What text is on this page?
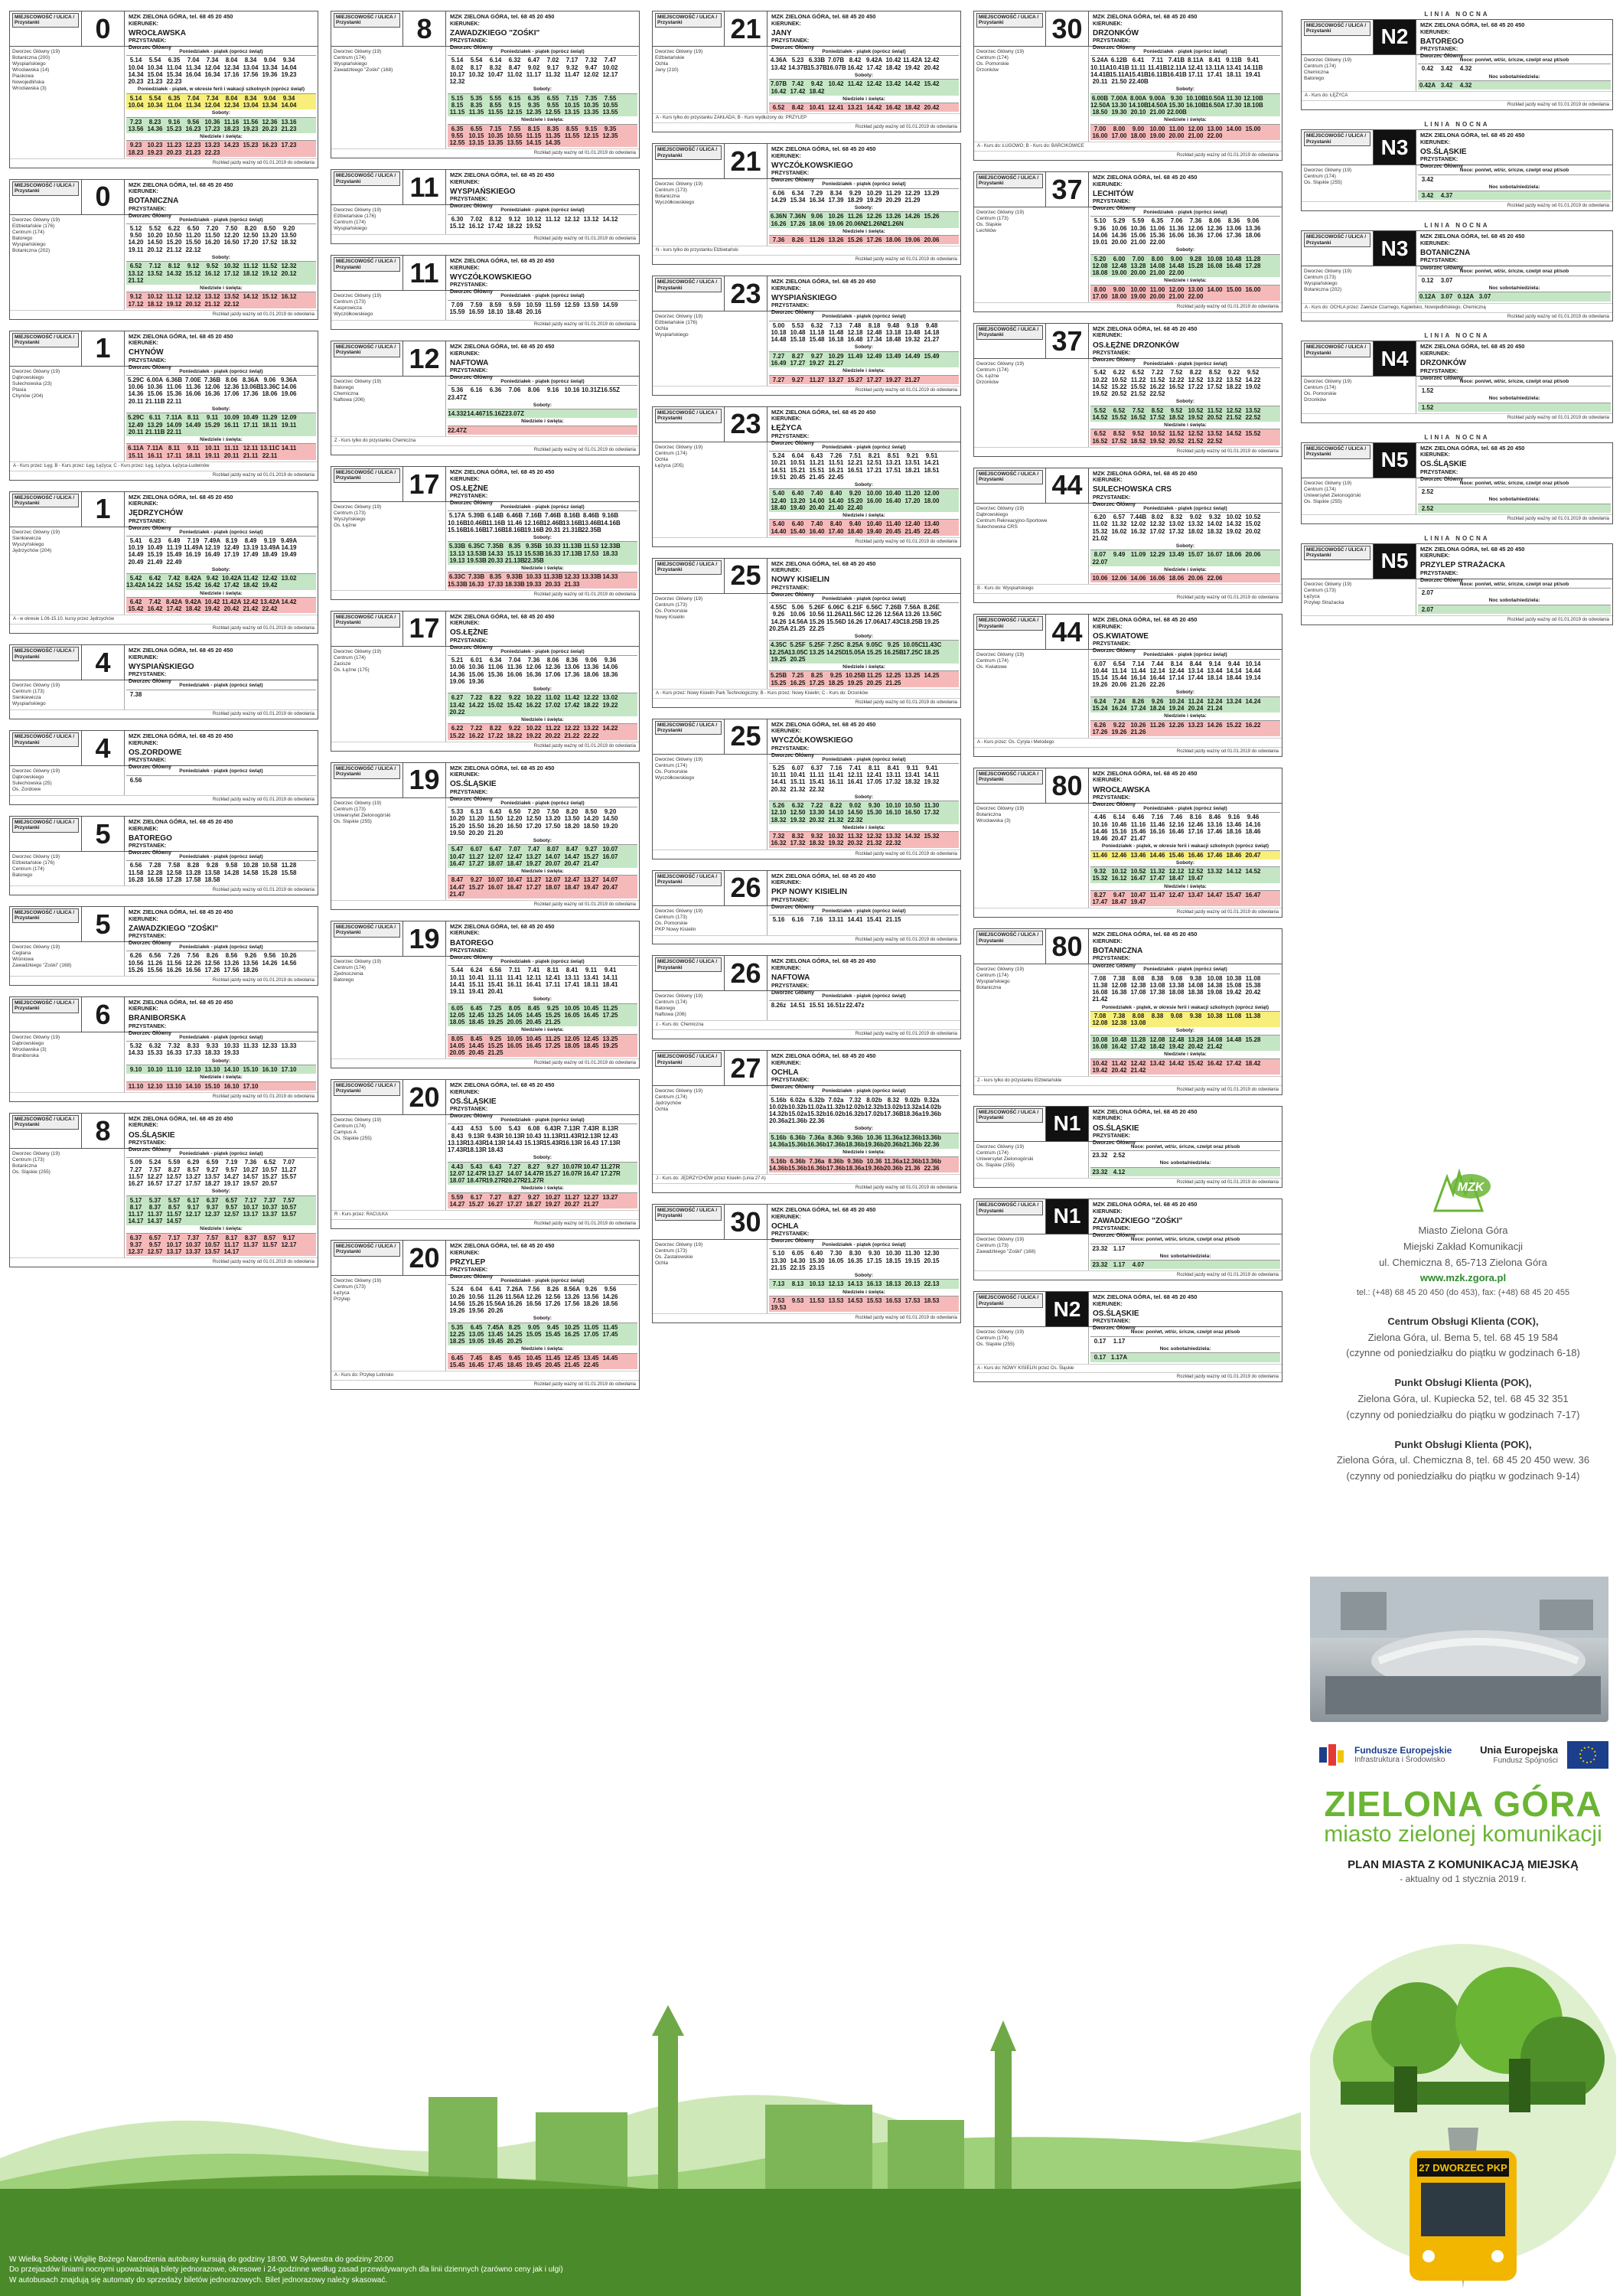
MIEJSCOWOŚĆ / ULICA / Przystanki	0	MZK ZIELONA GÓRA, tel. 68 45 20 450
KIERUNEK:
WROCŁAWSKA
PRZYSTANEK:
Dworzec Główny
Dworzec Główny (19)
Botaniczna (200)
Wyspiańskiego
Wrocławska (14)
Piaskowa
Nowojedlińska
Wrocławska (3)
Poniedziałek - piątek (oprócz świąt)
5.14	5.54	6.35	7.04	7.34	8.04	8.34	9.04	9.34
10.04 10.34 11.04 11.34 12.04 12.34 13.04 13.34 14.04
14.34 15.04 15.34 16.04 16.34 17.16 17.56 19.36 19.23
20.23 21.23 22.23
Poniedziałek - piątek, w okresie ferii i wakacji szkolnych (oprócz świąt)
5.14	5.54	6.35	7.04	7.34	8.04	8.34	9.04	9.34
10.04 10.34 11.04 11.34 12.04 12.34 13.04 13.34 14.04
Soboty:
7.23	8.23	9.16	9.56 10.36 11.16 11.56 12.36 13.16
13.56 14.36 15.23 16.23 17.23 18.23 19.23 20.23 21.23
Niedziele i święta:
9.23 10.23 11.23 12.23 13.23 14.23 15.23 16.23 17.23
18.23 19.23 20.23 21.23 22.23
Rozkład jazdy ważny od 01.01.2019 do odwołania
MIEJSCOWOŚĆ / ULICA / Przystanki	0	MZK ZIELONA GÓRA, tel. 68 45 20 450
KIERUNEK:
BOTANICZNA
PRZYSTANEK:
Dworzec Główny
Dworzec Główny (19)
Elżbietańskie (176)
Centrum (174)
Batorego
Wyspiańskiego
Botaniczna (202)
Poniedziałek - piątek (oprócz świąt)
5.12	5.52	6.22	6.50	7.20	7.50	8.20	8.50	9.20
9.50 10.20 10.50 11.20 11.50 12.20 12.50 13.20 13.50
14.20 14.50 15.20 15.50 16.20 16.50 17.20 17.52 18.32
19.11 20.12 21.12 22.12
Soboty:
6.52	7.12	8.12	9.12	9.52 10.32 11.12 11.52 12.32
13.12 13.52 14.32 15.12 16.12 17.12 18.12 19.12 20.12
21.12
Niedziele i święta:
9.12 10.12 11.12 12.12 13.12 13.52 14.12 15.12 16.12
17.12 18.12 19.12 20.12 21.12 22.12
Rozkład jazdy ważny od 01.01.2019 do odwołania
MIEJSCOWOŚĆ / ULICA / Przystanki	1	MZK ZIELONA GÓRA, tel. 68 45 20 450
KIERUNEK:
CHYNÓW
PRZYSTANEK:
Dworzec Główny
Dworzec Główny (19)
Dąbrowskiego
Sulechowska (23)
Ptasia
Chynów (204)
Poniedziałek - piątek (oprócz świąt)
5.29C 6.00A 6.36B 7.00E 7.36B 8.06 8.36A 9.06 9.36A
10.06 10.36 11.06 11.36 12.06 12.36 13.06B 13.36C 14.06
14.36 15.06 15.36 16.06 16.36 17.06 17.36 18.06 19.06
20.11 21.11B 22.11
Soboty:
5.29C 6.11 7.11A 8.11	9.11 10.09 10.49 11.29 12.09
12.49 13.29 14.09 14.49 15.29 16.11 17.11 18.11 19.11
20.11 21.11B 22.11
Niedziele i święta:
6.11A 7.11A 8.11	9.11 10.11 11.11 12.11 13.11C 14.11
15.11 16.11 17.11 18.11 19.11 20.11 21.11 22.11
A - Kurs przez: Łęg; B - Kurs przez: Łęg, Łężyca; C - Kurs przez: Łęg, Łężyca, Łężyca-Ludwinów
Rozkład jazdy ważny od 01.01.2019 do odwołania
MIEJSCOWOŚĆ / ULICA / Przystanki	1	MZK ZIELONA GÓRA, tel. 68 45 20 450
KIERUNEK:
JĘDRZYCHÓW
PRZYSTANEK:
Dworzec Główny
Dworzec Główny (19)
Sienkiewicza
Wyszyńskiego
Jędrzychów (204)
Poniedziałek - piątek (oprócz świąt)
5.41	6.23	6.49	7.19 7.49A 8.19	8.49	9.19 9.49A
10.19 10.49 11.19 11.49A 12.19 12.49 13.19 13.49A 14.19
14.49 15.19 15.49 16.19 16.49 17.19 17.49 18.49 19.49
20.49 21.49 22.49
Soboty:
5.42	6.42	7.42 8.42A 9.42 10.42A 11.42 12.42 13.02
13.42A 14.22 14.52 15.42 16.42 17.42 18.42 19.42
Niedziele i święta:
6.42	7.42 8.42A 9.42A 10.42 11.42A 12.42 13.42A 14.42
15.42 16.42 17.42 18.42 19.42 20.42 21.42 22.42
A - w okresie 1.06-15.10. kursy przez Jędrzychów
Rozkład jazdy ważny od 01.01.2019 do odwołania
MIEJSCOWOŚĆ / ULICA / Przystanki	4	MZK ZIELONA GÓRA, tel. 68 45 20 450
KIERUNEK:
WYSPIAŃSKIEGO
PRZYSTANEK:
Dworzec Główny
Dworzec Główny (19)
Centrum (173)
Sienkiewicza
Wyspiańskiego
Poniedziałek - piątek (oprócz świąt)
7.38
Rozkład jazdy ważny od 01.01.2019 do odwołania
MIEJSCOWOŚĆ / ULICA / Przystanki	4	MZK ZIELONA GÓRA, tel. 68 45 20 450
KIERUNEK:
OS.ZORDOWE
PRZYSTANEK:
Dworzec Główny
Dworzec Główny (19)
Dąbrowskiego
Sulechowska (25)
Os. Zordowe
Poniedziałek - piątek (oprócz świąt)
6.56
Rozkład jazdy ważny od 01.01.2019 do odwołania
MIEJSCOWOŚĆ / ULICA / Przystanki	5	MZK ZIELONA GÓRA, tel. 68 45 20 450
KIERUNEK:
BATOREGO
PRZYSTANEK:
Dworzec Główny
Dworzec Główny (19)
Elżbietańskie (176)
Centrum (174)
Batorego
Poniedziałek - piątek (oprócz świąt)
6.56	7.28	7.58	8.28	9.28	9.58 10.28 10.58 11.28
11.58 12.28 12.58 13.28 13.58 14.28 14.58 15.28 15.58
16.28 16.58 17.28 17.58 18.58
Rozkład jazdy ważny od 01.01.2019 do odwołania
MIEJSCOWOŚĆ / ULICA / Przystanki	5	MZK ZIELONA GÓRA, tel. 68 45 20 450
KIERUNEK:
ZAWADZKIEGO "ZOŚKI"
PRZYSTANEK:
Dworzec Główny
Dworzec Główny (19)
Ceglana
Wiśniowa
Zawadzkiego "Zośki" (168)
Poniedziałek - piątek (oprócz świąt)
6.26	6.56	7.26	7.56	8.26	8.56	9.26	9.56 10.26
10.56 11.26 11.56 12.26 12.56 13.26 13.56 14.26 14.56
15.26 15.56 16.26 16.56 17.26 17.56 18.26
Rozkład jazdy ważny od 01.01.2019 do odwołania
MIEJSCOWOŚĆ / ULICA / Przystanki	6	MZK ZIELONA GÓRA, tel. 68 45 20 450
KIERUNEK:
BRANIBORSKA
PRZYSTANEK:
Dworzec Główny
Dworzec Główny (19)
Dąbrowskiego
Wrocławska (3)
Braniborska
Poniedziałek - piątek (oprócz świąt)
5.32	6.32	7.32	8.33	9.33 10.33 11.33 12.33 13.33
14.33 15.33 16.33 17.33 18.33 19.33
Soboty:
9.10 10.10 11.10 12.10 13.10 14.10 15.10 16.10 17.10
Niedziele i święta:
11.10 12.10 13.10 14.10 15.10 16.10 17.10
Rozkład jazdy ważny od 01.01.2019 do odwołania
MIEJSCOWOŚĆ / ULICA / Przystanki	8	MZK ZIELONA GÓRA, tel. 68 45 20 450
KIERUNEK:
OS.ŚLĄSKIE
PRZYSTANEK:
Dworzec Główny
Dworzec Główny (19)
Centrum (173)
Botaniczna
Os. Śląskie (255)
Poniedziałek - piątek (oprócz świąt)
5.09	5.24	5.59	6.29	6.59	7.19	7.36	6.52	7.07
7.27	7.57	8.27	8.57	9.27	9.57 10.27 10.57 11.27
11.57 12.27 12.57 13.27 13.57 14.27 14.57 15.27 15.57
16.27 16.57 17.27 17.57 18.27 19.17 19.57 20.57
Soboty:
5.17	5.37	5.57	6.17	6.37	6.57	7.17	7.37	7.57
8.17	8.37	8.57	9.17	9.37	9.57 10.17 10.37 10.57
11.17 11.37 11.57 12.17 12.37 12.57 13.17 13.37 13.57
14.17 14.37 14.57
Niedziele i święta:
6.37	6.57	7.17	7.37	7.57	8.17	8.37	8.57	9.17
9.37	9.57 10.17 10.37 10.57 11.17 11.37 11.57 12.17
12.37 12.57 13.17 13.37 13.57 14.17
Rozkład jazdy ważny od 01.01.2019 do odwołania
MIEJSCOWOŚĆ / ULICA / Przystanki	8	MZK ZIELONA GÓRA, tel. 68 45 20 450
KIERUNEK:
ZAWADZKIEGO "ZOŚKI"
PRZYSTANEK:
Dworzec Główny
Dworzec Główny (19)
Centrum (174)
Wyspiańskiego
Zawadzkiego "Zośki" (168)
Poniedziałek - piątek (oprócz świąt)
5.14	5.54	6.14	6.32	6.47	7.02	7.17	7.32	7.47
8.02	8.17	8.32	8.47	9.02	9.17	9.32	9.47 10.02
10.17 10.32 10.47 11.02 11.17 11.32 11.47 12.02 12.17
12.32
Soboty:
5.15	5.35	5.55	6.15	6.35	6.55	7.15	7.35	7.55
8.15	8.35	8.55	9.15	9.35	9.55 10.15 10.35 10.55
11.15 11.35 11.55 12.15 12.35 12.55 13.15 13.35 13.55
Niedziele i święta:
6.35	6.55	7.15	7.55	8.15	8.35	8.55	9.15	9.35
9.55 10.15 10.35 10.55 11.15 11.35 11.55 12.15 12.35
12.55 13.15 13.35 13.55 14.15 14.35
Rozkład jazdy ważny od 01.01.2019 do odwołania
MIEJSCOWOŚĆ / ULICA / Przystanki	11	MZK ZIELONA GÓRA, tel. 68 45 20 450
KIERUNEK:
WYSPIAŃSKIEGO
PRZYSTANEK:
Dworzec Główny
Dworzec Główny (19)
Elżbietańskie (176)
Centrum (174)
Wyspiańskiego
Poniedziałek - piątek (oprócz świąt)
6.30	7.02	8.12	9.12 10.12 11.12 12.12 13.12 14.12
15.12 16.12 17.42 18.22 19.52
Rozkład jazdy ważny od 01.01.2019 do odwołania
MIEJSCOWOŚĆ / ULICA / Przystanki	11	MZK ZIELONA GÓRA, tel. 68 45 20 450
KIERUNEK:
WYCZÓŁKOWSKIEGO
PRZYSTANEK:
Dworzec Główny
Dworzec Główny (19)
Centrum (173)
Kasprowicza
Wyczółkowskiego
Poniedziałek - piątek (oprócz świąt)
7.09	7.59	8.59	9.59 10.59 11.59 12.59 13.59 14.59
15.59 16.59 18.10 18.48 20.16
Rozkład jazdy ważny od 01.01.2019 do odwołania
MIEJSCOWOŚĆ / ULICA / Przystanki	12	MZK ZIELONA GÓRA, tel. 68 45 20 450
KIERUNEK:
NAFTOWA
PRZYSTANEK:
Dworzec Główny
Dworzec Główny (19)
Batorego
Chemiczna
Naftowa (206)
Poniedziałek - piątek (oprócz świąt)
5.36	6.16	6.36	7.06	8.06	9.16 10.16 10.31Z 16.55Z
23.47Z
Soboty:
14.332 14.467 15.16Z 23.07Z
Niedziele i święta:
22.47Z
Z - Kurs tylko do przystanku Chemiczna
Rozkład jazdy ważny od 01.01.2019 do odwołania
MIEJSCOWOŚĆ / ULICA / Przystanki	17	MZK ZIELONA GÓRA, tel. 68 45 20 450
KIERUNEK:
OS.ŁĘŻNE
PRZYSTANEK:
Dworzec Główny
Dworzec Główny (19)
Centrum (173)
Wyszyńskiego
Os. Łężne
Poniedziałek - piątek (oprócz świąt)
5.17A 5.39B 6.14B 6.46B 7.16B 7.46B 8.16B 8.46B 9.16B
10.16B 10.46B 11.16B 11.46 12.16B 12.46B 13.16B 13.46B 14.16B
15.16B 16.16B 17.16B 18.16B 19.16B 20.31 21.31B 22.35B
Soboty:
5.33B 6.35C 7.35B 8.35 9.35B 10.33 11.13B 11.53 12.33B
13.13 13.53B 14.33 15.13 15.53B 16.33 17.13B 17.53 18.33
19.13 19.53B 20.33 21.13B 22.35B
Niedziele i święta:
6.33C 7.33B 8.35 9.33B 10.33 11.33B 12.33 13.33B 14.33
15.33B 16.33 17.33 18.33B 19.33 20.33 21.33
Rozkład jazdy ważny od 01.01.2019 do odwołania
MIEJSCOWOŚĆ / ULICA / Przystanki	17	MZK ZIELONA GÓRA, tel. 68 45 20 450
KIERUNEK:
OS.ŁĘŻNE
PRZYSTANEK:
Dworzec Główny
Dworzec Główny (19)
Centrum (174)
Zacisze
Os. Łężne (175)
Poniedziałek - piątek (oprócz świąt)
5.21	6.01	6.34	7.04	7.36	8.06	8.36	9.06	9.36
10.06 10.36 11.06 11.36 12.06 12.36 13.06 13.36 14.06
14.36 15.06 15.36 16.06 16.36 17.06 17.36 18.06 18.36
19.06 19.36
Soboty:
6.27	7.22	8.22	9.22 10.22 11.02 11.42 12.22 13.02
13.42 14.22 15.02 15.42 16.22 17.02 17.42 18.22 19.22
20.22
Niedziele i święta:
6.22	7.22	8.22	9.22 10.22 11.22 12.22 13.22 14.22
15.22 16.22 17.22 18.22 19.22 20.22 21.22 22.22
Rozkład jazdy ważny od 01.01.2019 do odwołania
MIEJSCOWOŚĆ / ULICA / Przystanki	19	MZK ZIELONA GÓRA, tel. 68 45 20 450
KIERUNEK:
OS.ŚLĄSKIE
PRZYSTANEK:
Dworzec Główny
Dworzec Główny (19)
Centrum (173)
Uniwersytet Zielonogórski
Os. Śląskie (255)
Poniedziałek - piątek (oprócz świąt)
5.33	6.13	6.43	6.50	7.20	7.50	8.20	8.50	9.20
10.20 11.20 11.50 12.20 12.50 13.20 13.50 14.20 14.50
15.20 15.50 16.20 16.50 17.20 17.50 18.20 18.50 19.20
19.50 20.20 21.20
Soboty:
5.47	6.07	6.47	7.07	7.47	8.07	8.47	9.27 10.07
10.47 11.27 12.07 12.47 13.27 14.07 14.47 15.27 16.07
16.47 17.27 18.07 18.47 19.27 20.07 20.47 21.47
Niedziele i święta:
8.47	9.27 10.07 10.47 11.27 12.07 12.47 13.27 14.07
14.47 15.27 16.07 16.47 17.27 18.07 18.47 19.47 20.47
21.47
Rozkład jazdy ważny od 01.01.2019 do odwołania
MIEJSCOWOŚĆ / ULICA / Przystanki	19	MZK ZIELONA GÓRA, tel. 68 45 20 450
KIERUNEK:
BATOREGO
PRZYSTANEK:
Dworzec Główny
Dworzec Główny (19)
Centrum (174)
Zjednoczenia
Batorego
Poniedziałek - piątek (oprócz świąt)
5.44	6.24	6.56	7.11	7.41	8.11	8.41	9.11	9.41
10.11 10.41 11.11 11.41 12.11 12.41 13.11 13.41 14.11
14.41 15.11 15.41 16.11 16.41 17.11 17.41 18.11 18.41
19.11 19.41 20.41
Soboty:
6.05	6.45	7.25	8.05	8.45	9.25 10.05 10.45 11.25
12.05 12.45 13.25 14.05 14.45 15.25 16.05 16.45 17.25
18.05 18.45 19.25 20.05 20.45 21.25
Niedziele i święta:
8.05	8.45	9.25 10.05 10.45 11.25 12.05 12.45 13.25
14.05 14.45 15.25 16.05 16.45 17.25 18.05 18.45 19.25
20.05 20.45 21.25
Rozkład jazdy ważny od 01.01.2019 do odwołania
MIEJSCOWOŚĆ / ULICA / Przystanki	20	MZK ZIELONA GÓRA, tel. 68 45 20 450
KIERUNEK:
OS.ŚLĄSKIE
PRZYSTANEK:
Dworzec Główny
Dworzec Główny (19)
Centrum (174)
Campus A
Os. Śląskie (255)
Poniedziałek - piątek (oprócz świąt)
4.43	4.53	5.00	5.43	6.08 6.43R 7.13R 7.43R 8.13R
8.43 9.13R 9.43R 10.13R 10.43 11.13R 11.43R 12.13R 12.43
13.13R 13.43R 14.13R 14.43 15.13R 15.43R 16.13R 16.43 17.13R
17.43R 18.13R 18.43
Soboty:
4.43	5.43	6.43	7.27	8.27	9.27 10.07R 10.47 11.27R
12.07 12.47R 13.27 14.07 14.47R 15.27 16.07R 16.47 17.27R
18.07 18.47R 19.27R 20.27R 21.27R
Niedziele i święta:
5.59	6.17	7.27	8.27	9.27 10.27 11.27 12.27 13.27
14.27 15.27 16.27 17.27 18.27 19.27 20.27 21.27
R - Kurs przez: RACULKA
Rozkład jazdy ważny od 01.01.2019 do odwołania
MIEJSCOWOŚĆ / ULICA / Przystanki	20	MZK ZIELONA GÓRA, tel. 68 45 20 450
KIERUNEK:
PRZYLEP
PRZYSTANEK:
Dworzec Główny
Dworzec Główny (19)
Centrum (173)
Łężyca
Przylep
Poniedziałek - piątek (oprócz świąt)
5.24	6.04	6.41 7.26A 7.56	8.26 8.56A 9.26	9.56
10.26 10.56 11.26 11.56A 12.26 12.56 13.26 13.56 14.26
14.56 15.26 15.56A 16.26 16.56 17.26 17.56 18.26 18.56
19.26 19.56 20.26
Soboty:
5.35	6.45 7.45A 8.25	9.05	9.45 10.25 11.05 11.45
12.25 13.05 13.45 14.25 15.05 15.45 16.25 17.05 17.45
18.25 19.05 19.45 20.25
Niedziele i święta:
6.45	7.45	8.45	9.45 10.45 11.45 12.45 13.45 14.45
15.45 16.45 17.45 18.45 19.45 20.45 21.45 22.45
A - Kurs do: Przylep Lotnisko
Rozkład jazdy ważny od 01.01.2019 do odwołania
MIEJSCOWOŚĆ / ULICA / Przystanki	21	MZK ZIELONA GÓRA, tel. 68 45 20 450
KIERUNEK:
JANY
PRZYSTANEK:
Dworzec Główny
Dworzec Główny (19)
Elżbietańskie
Ochla
Jany (210)
Poniedziałek - piątek (oprócz świąt)
4.36A 5.23 6.33B 7.07B 8.42 9.42A 10.42 11.42A 12.42
13.42 14.37B 15.37B 16.07B 16.42 17.42 18.42 19.42 20.42
Soboty:
7.07B 7.42	9.42 10.42 11.42 12.42 13.42 14.42 15.42
16.42 17.42 18.42
Niedziele i święta:
6.52	8.42 10.41 12.41 13.21 14.42 16.42 18.42 20.42
A - Kurs tylko do przystanku ZAKŁADA; B - Kurs wydłużony do: PRZYLEP
Rozkład jazdy ważny od 01.01.2019 do odwołania
MIEJSCOWOŚĆ / ULICA / Przystanki	21	MZK ZIELONA GÓRA, tel. 68 45 20 450
KIERUNEK:
WYCZÓŁKOWSKIEGO
PRZYSTANEK:
Dworzec Główny
Dworzec Główny (19)
Centrum (173)
Botaniczna
Wyczółkowskiego
Poniedziałek - piątek (oprócz świąt)
6.06	6.34	7.29	8.34	9.29 10.29 11.29 12.29 13.29
14.29 15.34 16.34 17.39 18.29 19.29 20.29 21.29
Soboty:
6.36N 7.36N 9.06 10.26 11.26 12.26 13.26 14.26 15.26
16.26 17.26 18.06 19.06 20.06N 21.26N 21.26N
Niedziele i święta:
7.36	8.26 11.26 13.26 15.26 17.26 18.06 19.06 20.06
N - kurs tylko do przystanku Elżbietański
Rozkład jazdy ważny od 01.01.2019 do odwołania
MIEJSCOWOŚĆ / ULICA / Przystanki	23	MZK ZIELONA GÓRA, tel. 68 45 20 450
KIERUNEK:
WYSPIAŃSKIEGO
PRZYSTANEK:
Dworzec Główny
Dworzec Główny (19)
Elżbietańskie (176)
Ochla
Wyspiańskiego
Poniedziałek - piątek (oprócz świąt)
5.00	5.53	6.32	7.13	7.48	8.18	9.48	9.18	9.48
10.18 10.48 11.18 11.48 12.18 12.48 13.18 13.48 14.18
14.48 15.18 15.48 16.18 16.48 17.34 18.48 19.32 21.27
Soboty:
7.27	8.27	9.27 10.29 11.49 12.49 13.49 14.49 15.49
16.49 17.27 19.27 21.27
Niedziele i święta:
7.27	9.27 11.27 13.27 15.27 17.27 19.27 21.27
Rozkład jazdy ważny od 01.01.2019 do odwołania
MIEJSCOWOŚĆ / ULICA / Przystanki	23	MZK ZIELONA GÓRA, tel. 68 45 20 450
KIERUNEK:
ŁĘŻYCA
PRZYSTANEK:
Dworzec Główny
Dworzec Główny (19)
Centrum (174)
Ochla
Łężyca (205)
Poniedziałek - piątek (oprócz świąt)
5.24	6.04	6.43	7.26	7.51	8.21	8.51	9.21	9.51
10.21 10.51 11.21 11.51 12.21 12.51 13.21 13.51 14.21
14.51 15.21 15.51 16.21 16.51 17.21 17.51 18.21 18.51
19.51 20.45 21.45 22.45
Soboty:
5.40	6.40	7.40	8.40	9.20 10.00 10.40 11.20 12.00
12.40 13.20 14.00 14.40 15.20 16.00 16.40 17.20 18.00
18.40 19.40 20.40 21.40 22.40
Niedziele i święta:
5.40	6.40	7.40	8.40	9.40 10.40 11.40 12.40 13.40
14.40 15.40 16.40 17.40 18.40 19.40 20.45 21.45 22.45
Rozkład jazdy ważny od 01.01.2019 do odwołania
MIEJSCOWOŚĆ / ULICA / Przystanki	25	MZK ZIELONA GÓRA, tel. 68 45 20 450
KIERUNEK:
NOWY KISIELIN
PRZYSTANEK:
Dworzec Główny
Dworzec Główny (19)
Centrum (173)
Os. Pomorskie
Nowy Kisielin
Poniedziałek - piątek (oprócz świąt)
4.55C 5.06 5.26F 6.06C 6.21F 6.56C 7.26B 7.56A 8.26E
9.26 10.06 10.56 11.26A 11.56C 12.26 12.56A 13.26 13.56C
14.26 14.56A 15.26 15.56D 16.26 17.06A 17.43C 18.25B 19.25
20.25A 21.25 22.25
Soboty:
4.35C 5.25F 5.25F 7.25C 8.25A 9.05C 9.25 10.05C 11.43C
12.25A 13.05C 13.25 14.25D 15.05A 15.25 16.25B 17.25C 18.25
19.25 20.25
Niedziele i święta:
5.25B 7.25	8.25	9.25 10.25B 11.25 12.25 13.25 14.25
15.25 16.25 17.25 18.25 19.25 20.25 21.25
A - Kurs przez: Nowy Kisielin Park Technologiczny; B - Kurs przez: Nowy Kisielin; C - Kurs do: Drzonków
Rozkład jazdy ważny od 01.01.2019 do odwołania
MIEJSCOWOŚĆ / ULICA / Przystanki	25	MZK ZIELONA GÓRA, tel. 68 45 20 450
KIERUNEK:
WYCZÓŁKOWSKIEGO
PRZYSTANEK:
Dworzec Główny
Dworzec Główny (19)
Centrum (174)
Os. Pomorskie
Wyczółkowskiego
Poniedziałek - piątek (oprócz świąt)
5.25	6.07	6.37	7.16	7.41	8.11	8.41	9.11	9.41
10.11 10.41 11.11 11.41 12.11 12.41 13.11 13.41 14.11
14.41 15.11 15.41 16.11 16.41 17.05 17.32 18.32 19.32
20.32 21.32 22.32
Soboty:
5.26	6.32	7.22	8.22	9.02	9.30 10.10 10.50 11.30
12.10 12.50 13.30 14.10 14.50 15.30 16.10 16.50 17.32
18.32 19.32 20.32 21.32 22.32
Niedziele i święta:
7.32	8.32	9.32 10.32 11.32 12.32 13.32 14.32 15.32
16.32 17.32 18.32 19.32 20.32 21.32 22.32
Rozkład jazdy ważny od 01.01.2019 do odwołania
MIEJSCOWOŚĆ / ULICA / Przystanki	26	MZK ZIELONA GÓRA, tel. 68 45 20 450
KIERUNEK:
PKP NOWY KISIELIN
PRZYSTANEK:
Dworzec Główny
Dworzec Główny (19)
Centrum (173)
Os. Pomorskie
PKP Nowy Kisielin
Poniedziałek - piątek (oprócz świąt)
5.16	6.16	7.16 13.11 14.41 15.41 21.15
Rozkład jazdy ważny od 01.01.2019 do odwołania
MIEJSCOWOŚĆ / ULICA / Przystanki	26	MZK ZIELONA GÓRA, tel. 68 45 20 450
KIERUNEK:
NAFTOWA
PRZYSTANEK:
Dworzec Główny
Dworzec Główny (19)
Centrum (174)
Batorego
Naftowa (206)
Poniedziałek - piątek (oprócz świąt)
8.26z 14.51 15.51 16.51z 22.47z
z - Kurs do: Chemiczna
Rozkład jazdy ważny od 01.01.2019 do odwołania
MIEJSCOWOŚĆ / ULICA / Przystanki	27	MZK ZIELONA GÓRA, tel. 68 45 20 450
KIERUNEK:
OCHLA
PRZYSTANEK:
Dworzec Główny
Dworzec Główny (19)
Centrum (174)
Jędrzychów
Ochla
Poniedziałek - piątek (oprócz świąt)
5.16b 6.02a 6.32b 7.02a 7.32 8.02b 8.32 9.02b 9.32a
10.02b 10.32b 11.02a 11.32b 12.02b 12.32b 13.02b 13.32a 14.02b
14.32b 15.02a 15.32b 16.02b 16.32b 17.02b 17.36B 18.36a 19.36b
20.36a 21.36b 22.36
Soboty:
5.16b 6.36b 7.36a 8.36b 9.36b 10.36 11.36a 12.36b 13.36b
14.36a 15.36b 16.36b 17.36b 18.36b 19.36b 20.36b 21.36b 22.36
Niedziele i święta:
5.16b 6.36b 7.36a 8.36b 9.36b 10.36 11.36a 12.36b 13.36b
14.36b 15.36b 16.36b 17.36b 18.36a 19.36b 20.36b 21.36 22.36
J - Kurs do: JĘDRZYCHÓW przez Kisielin (Linia 27 A)
Rozkład jazdy ważny od 01.01.2019 do odwołania
MIEJSCOWOŚĆ / ULICA / Przystanki	30	MZK ZIELONA GÓRA, tel. 68 45 20 450
KIERUNEK:
OCHLA
PRZYSTANEK:
Dworzec Główny
Dworzec Główny (19)
Centrum (173)
Os. Zastalowskie
Ochla
Poniedziałek - piątek (oprócz świąt)
5.10	6.05	6.40	7.30	8.30	9.30 10.30 11.30 12.30
13.30 14.30 15.30 16.05 16.35 17.15 18.15 19.15 20.15
21.15 22.15 23.15
Soboty:
7.13	8.13 10.13 12.13 14.13 16.13 18.13 20.13 22.13
Niedziele i święta:
7.53	9.53 11.53 13.53 14.53 15.53 16.53 17.53 18.53
19.53
Rozkład jazdy ważny od 01.01.2019 do odwołania
MIEJSCOWOŚĆ / ULICA / Przystanki	30	MZK ZIELONA GÓRA, tel. 68 45 20 450
KIERUNEK:
DRZONKÓW
PRZYSTANEK:
Dworzec Główny
Dworzec Główny (19)
Centrum (174)
Os. Pomorskie
Drzonków
Poniedziałek - piątek (oprócz świąt)
5.24A 6.12B 6.41	7.11 7.41B 8.11A 8.41 9.11B 9.41
10.11A 10.41B 11.11 11.41B 12.11A 12.41 13.11A 13.41 14.11B
14.41B 15.11A 15.41B 16.11B 16.41B 17.11 17.41 18.11 19.41
20.11 21.50 22.40B
Soboty:
6.00B 7.00A 8.00A 9.00A 9.30 10.10B 10.50A 11.30 12.10B
12.50A 13.30 14.10B 14.50A 15.30 16.10B 16.50A 17.30 18.10B
18.50 19.30 20.10 21.00 22.00B
Niedziele i święta:
7.00	8.00	9.00 10.00 11.00 12.00 13.00 14.00 15.00
16.00 17.00 18.00 19.00 20.00 21.00 22.00
A - Kurs do: ŁUGOWO; B - Kurs do: BARCIKOWICE
Rozkład jazdy ważny od 01.01.2019 do odwołania
MIEJSCOWOŚĆ / ULICA / Przystanki	37	MZK ZIELONA GÓRA, tel. 68 45 20 450
KIERUNEK:
LECHITÓW
PRZYSTANEK:
Dworzec Główny
Dworzec Główny (19)
Centrum (173)
Os. Śląskie
Lechitów
Poniedziałek - piątek (oprócz świąt)
5.10	5.29	5.59	6.35	7.06	7.36	8.06	8.36	9.06
9.36 10.06 10.36 11.06 11.36 12.06 12.36 13.06 13.36
14.06 14.36 15.06 15.36 16.06 16.36 17.06 17.36 18.06
19.01 20.00 21.00 22.00
Soboty:
5.20	6.00	7.00	8.00	9.00	9.28 10.08 10.48 11.28
12.08 12.48 13.28 14.08 14.48 15.28 16.08 16.48 17.28
18.08 19.00 20.00 21.00 22.00
Niedziele i święta:
8.00	9.00 10.00 11.00 12.00 13.00 14.00 15.00 16.00
17.00 18.00 19.00 20.00 21.00 22.00
Rozkład jazdy ważny od 01.01.2019 do odwołania
MIEJSCOWOŚĆ / ULICA / Przystanki	37	MZK ZIELONA GÓRA, tel. 68 45 20 450
KIERUNEK:
OS.ŁĘŻNE DRZONKÓW
PRZYSTANEK:
Dworzec Główny
Dworzec Główny (19)
Centrum (174)
Os. Łężne
Drzonków
Poniedziałek - piątek (oprócz świąt)
5.42	6.22	6.52	7.22	7.52	8.22	8.52	9.22	9.52
10.22 10.52 11.22 11.52 12.22 12.52 13.22 13.52 14.22
14.52 15.22 15.52 16.22 16.52 17.22 17.52 18.22 19.02
19.52 20.52 21.52 22.52
Soboty:
5.52	6.52	7.52	8.52	9.52 10.52 11.52 12.52 13.52
14.52 15.52 16.52 17.52 18.52 19.52 20.52 21.52 22.52
Niedziele i święta:
6.52	8.52	9.52 10.52 11.52 12.52 13.52 14.52 15.52
16.52 17.52 18.52 19.52 20.52 21.52 22.52
Rozkład jazdy ważny od 01.01.2019 do odwołania
MIEJSCOWOŚĆ / ULICA / Przystanki	44	MZK ZIELONA GÓRA, tel. 68 45 20 450
KIERUNEK:
SULECHOWSKA CRS
PRZYSTANEK:
Dworzec Główny
Dworzec Główny (19)
Dąbrowskiego
Centrum Rekreacyjno-Sportowe
Sulechowska CRS
Poniedziałek - piątek (oprócz świąt)
6.20	6.57 7.44B 8.02	8.32	9.02	9.32 10.02 10.52
11.02 11.32 12.02 12.32 13.02 13.32 14.02 14.32 15.02
15.32 16.02 16.32 17.02 17.32 18.02 18.32 19.02 20.02
21.02
Soboty:
8.07	9.49 11.09 12.29 13.49 15.07 16.07 18.06 20.06
22.07
Niedziele i święta:
10.06 12.06 14.06 16.06 18.06 20.06 22.06
B - Kurs do: Wyspiańskiego
Rozkład jazdy ważny od 01.01.2019 do odwołania
MIEJSCOWOŚĆ / ULICA / Przystanki	44	MZK ZIELONA GÓRA, tel. 68 45 20 450
KIERUNEK:
OS.KWIATOWE
PRZYSTANEK:
Dworzec Główny
Dworzec Główny (19)
Centrum (174)
Os. Kwiatowe
Poniedziałek - piątek (oprócz świąt)
6.07	6.54	7.14	7.44	8.14	8.44	9.14	9.44 10.14
10.44 11.14 11.44 12.14 12.44 13.14 13.44 14.14 14.44
15.14 15.44 16.14 16.44 17.14 17.44 18.14 18.44 19.14
19.26 20.06 21.26 22.26
Soboty:
6.24	7.24	8.26	9.26 10.24 11.24 12.24 13.24 14.24
15.24 16.24 17.24 18.24 19.24 20.24 21.24
Niedziele i święta:
6.26	9.22 10.26 11.26 12.26 13.23 14.26 15.22 16.22
17.26 19.26 21.26
A - Kurs przez: Os. Cyryla i Metodego
Rozkład jazdy ważny od 01.01.2019 do odwołania
MIEJSCOWOŚĆ / ULICA / Przystanki	80	MZK ZIELONA GÓRA, tel. 68 45 20 450
KIERUNEK:
WROCŁAWSKA
PRZYSTANEK:
Dworzec Główny
Dworzec Główny (19)
Botaniczna
Wrocławska (3)
Poniedziałek - piątek (oprócz świąt)
4.46	6.14	6.46	7.16	7.46	8.16	8.46	9.16	9.46
10.16 10.46 11.16 11.46 12.16 12.46 13.16 13.46 14.16
14.46 15.16 15.46 16.16 16.46 17.16 17.46 18.16 18.46
19.46 20.47 21.47
Poniedziałek - piątek, w okresie ferii i wakacji szkolnych (oprócz świąt)
11.46 12.46 13.46 14.46 15.46 16.46 17.46 18.46 20.47
Soboty:
9.32 10.12 10.52 11.32 12.12 12.52 13.32 14.12 14.52
15.32 16.12 16.47 17.47 18.47 19.47
Niedziele i święta:
8.27	9.47 10.47 11.47 12.47 13.47 14.47 15.47 16.47
17.47 18.47 19.47
Rozkład jazdy ważny od 01.01.2019 do odwołania
MIEJSCOWOŚĆ / ULICA / Przystanki	80	MZK ZIELONA GÓRA, tel. 68 45 20 450
KIERUNEK:
BOTANICZNA
PRZYSTANEK:
Dworzec Główny
Dworzec Główny (19)
Centrum (174)
Wyspiańskiego
Botaniczna
Poniedziałek - piątek (oprócz świąt)
7.08	7.38	8.08	8.38	9.08	9.38 10.08 10.38 11.08
11.38 12.08 12.38 13.08 13.38 14.08 14.38 15.08 15.38
16.08 16.38 17.08 17.38 18.08 18.38 19.08 19.42 20.42
21.42
Poniedziałek - piątek, w okresie ferii i wakacji szkolnych (oprócz świąt)
7.08	7.38	8.08	8.38	9.08	9.38 10.38 11.08 11.38
12.08 12.38 13.08
Soboty:
10.08 10.48 11.28 12.08 12.48 13.28 14.08 14.48 15.28
16.08 16.42 17.42 18.42 19.42 20.42 21.42
Niedziele i święta:
10.42 11.42 12.42 13.42 14.42 15.42 16.42 17.42 18.42
19.42 20.42 21.42
Z - kurs tylko do przystanku Elżbietańskie
Rozkład jazdy ważny od 01.01.2019 do odwołania
MIEJSCOWOŚĆ / ULICA / Przystanki	N1	MZK ZIELONA GÓRA, tel. 68 45 20 450
KIERUNEK:
OS.ŚLĄSKIE
PRZYSTANEK:
Dworzec Główny
Dworzec Główny (19)
Centrum (174)
Uniwersytet Zielonogórski
Os. Śląskie (255)
Noce: pon/wt, wt/śr, śr/czw, czw/pt oraz pt/sob
23.32 2.52
Noc sobota/niedziela:
23.32 4.12
Rozkład jazdy ważny od 01.01.2019 do odwołania
MIEJSCOWOŚĆ / ULICA / Przystanki	N1	MZK ZIELONA GÓRA, tel. 68 45 20 450
KIERUNEK:
ZAWADZKIEGO "ZOŚKI"
PRZYSTANEK:
Dworzec Główny
Dworzec Główny (19)
Centrum (173)
Zawadzkiego "Zośki" (168)
Noce: pon/wt, wt/śr, śr/czw, czw/pt oraz pt/sob
23.32 1.17
Noc sobota/niedziela:
23.32 1.17	4.07
Rozkład jazdy ważny od 01.01.2019 do odwołania
MIEJSCOWOŚĆ / ULICA / Przystanki	N2	MZK ZIELONA GÓRA, tel. 68 45 20 450
KIERUNEK:
OS.ŚLĄSKIE
PRZYSTANEK:
Dworzec Główny
Dworzec Główny (19)
Centrum (174)
Os. Śląskie (255)
Noce: pon/wt, wt/śr, śr/czw, czw/pt oraz pt/sob
0.17	1.17
Noc sobota/niedziela:
0.17 1.17A
A - Kurs do: NOWY KISIELIN przez Os. Śląskie
Rozkład jazdy ważny od 01.01.2019 do odwołania
LINIA NOCNA
MIEJSCOWOŚĆ / ULICA / Przystanki	N2	MZK ZIELONA GÓRA, tel. 68 45 20 450
KIERUNEK:
BATOREGO
PRZYSTANEK:
Dworzec Główny
Dworzec Główny (19)
Centrum (174)
Chemiczna
Batorego
Noce: pon/wt, wt/śr, śr/czw, czw/pt oraz pt/sob
0.42	3.42	4.32
Noc sobota/niedziela:
0.42A 3.42	4.32
A - Kurs do: ŁĘŻYCA
Rozkład jazdy ważny od 01.01.2019 do odwołania
LINIA NOCNA
MIEJSCOWOŚĆ / ULICA / Przystanki	N3	MZK ZIELONA GÓRA, tel. 68 45 20 450
KIERUNEK:
OS.ŚLĄSKIE
PRZYSTANEK:
Dworzec Główny
Dworzec Główny (19)
Centrum (174)
Os. Śląskie (255)
Noce: pon/wt, wt/śr, śr/czw, czw/pt oraz pt/sob
3.42
Noc sobota/niedziela:
3.42	4.37
Rozkład jazdy ważny od 01.01.2019 do odwołania
LINIA NOCNA
MIEJSCOWOŚĆ / ULICA / Przystanki	N3	MZK ZIELONA GÓRA, tel. 68 45 20 450
KIERUNEK:
BOTANICZNA
PRZYSTANEK:
Dworzec Główny
Dworzec Główny (19)
Centrum (173)
Wyspiańskiego
Botaniczna (202)
Noce: pon/wt, wt/śr, śr/czw, czw/pt oraz pt/sob
0.12	3.07
Noc sobota/niedziela:
0.12A 3.07 0.12A 3.07
A - Kurs do: OCHLA przez: Zawisze Czarnego, Kąpielisko, Nowojedlińskiego, Chemiczną
Rozkład jazdy ważny od 01.01.2019 do odwołania
LINIA NOCNA
MIEJSCOWOŚĆ / ULICA / Przystanki	N4	MZK ZIELONA GÓRA, tel. 68 45 20 450
KIERUNEK:
DRZONKÓW
PRZYSTANEK:
Dworzec Główny
Dworzec Główny (19)
Centrum (174)
Os. Pomorskie
Drzonków
Noce: pon/wt, wt/śr, śr/czw, czw/pt oraz pt/sob
1.52
Noc sobota/niedziela:
1.52
Rozkład jazdy ważny od 01.01.2019 do odwołania
LINIA NOCNA
MIEJSCOWOŚĆ / ULICA / Przystanki	N5	MZK ZIELONA GÓRA, tel. 68 45 20 450
KIERUNEK:
OS.ŚLĄSKIE
PRZYSTANEK:
Dworzec Główny
Dworzec Główny (19)
Centrum (174)
Uniwersytet Zielonogórski
Os. Śląskie (255)
Noce: pon/wt, wt/śr, śr/czw, czw/pt oraz pt/sob
2.52
Noc sobota/niedziela:
2.52
Rozkład jazdy ważny od 01.01.2019 do odwołania
LINIA NOCNA
MIEJSCOWOŚĆ / ULICA / Przystanki	N5	MZK ZIELONA GÓRA, tel. 68 45 20 450
KIERUNEK:
PRZYLEP STRAŻACKA
PRZYSTANEK:
Dworzec Główny
Dworzec Główny (19)
Centrum (173)
Łężyca
Przylep Strażacka
Noce: pon/wt, wt/śr, śr/czw, czw/pt oraz pt/sob
2.07
Noc sobota/niedziela:
2.07
Rozkład jazdy ważny od 01.01.2019 do odwołania
MZK

Miasto Zielona Góra

Miejski Zakład Komunikacji

ul. Chemiczna 8, 65-713 Zielona Góra

www.mzk.zgora.pl

tel.: (+48) 68 45 20 450 (do 453), fax: (+48) 68 45 20 455

Centrum Obsługi Klienta (COK),

Zielona Góra, ul. Bema 5, tel. 68 45 19 584

(czynne od poniedziałku do piątku w godzinach 6-18)

Punkt Obsługi Klienta (POK),

Zielona Góra, ul. Kupiecka 52, tel. 68 45 32 351

(czynny od poniedziałku do piątku w godzinach 7-17)

Punkt Obsługi Klienta (POK),

Zielona Góra, ul. Chemiczna 8, tel. 68 45 20 450 wew. 36

(czynny od poniedziałku do piątku w godzinach 9-14)

Fundusze Europejskie
Infrastruktura i Środowisko
Unia Europejska
Fundusz Spójności
ZIELONA GÓRA
miasto zielonej komunikacji
PLAN MIASTA Z KOMUNIKACJĄ MIEJSKĄ
- aktualny od 1 stycznia 2019 r.
27 DWORZEC PKP
W Wielką Sobotę i Wigilię Bożego Narodzenia autobusy kursują do godziny 18:00. W Sylwestra do godziny 20:00
Do przejazdów liniami nocnymi upoważniają bilety jednorazowe, okresowe i 24-godzinne według zasad przewidywanych dla linii dziennych (zarówno ceny jak i ulgi)
W autobusach znajdują się automaty do sprzedaży biletów jednorazowych. Bilet jednorazowy należy skasować.
